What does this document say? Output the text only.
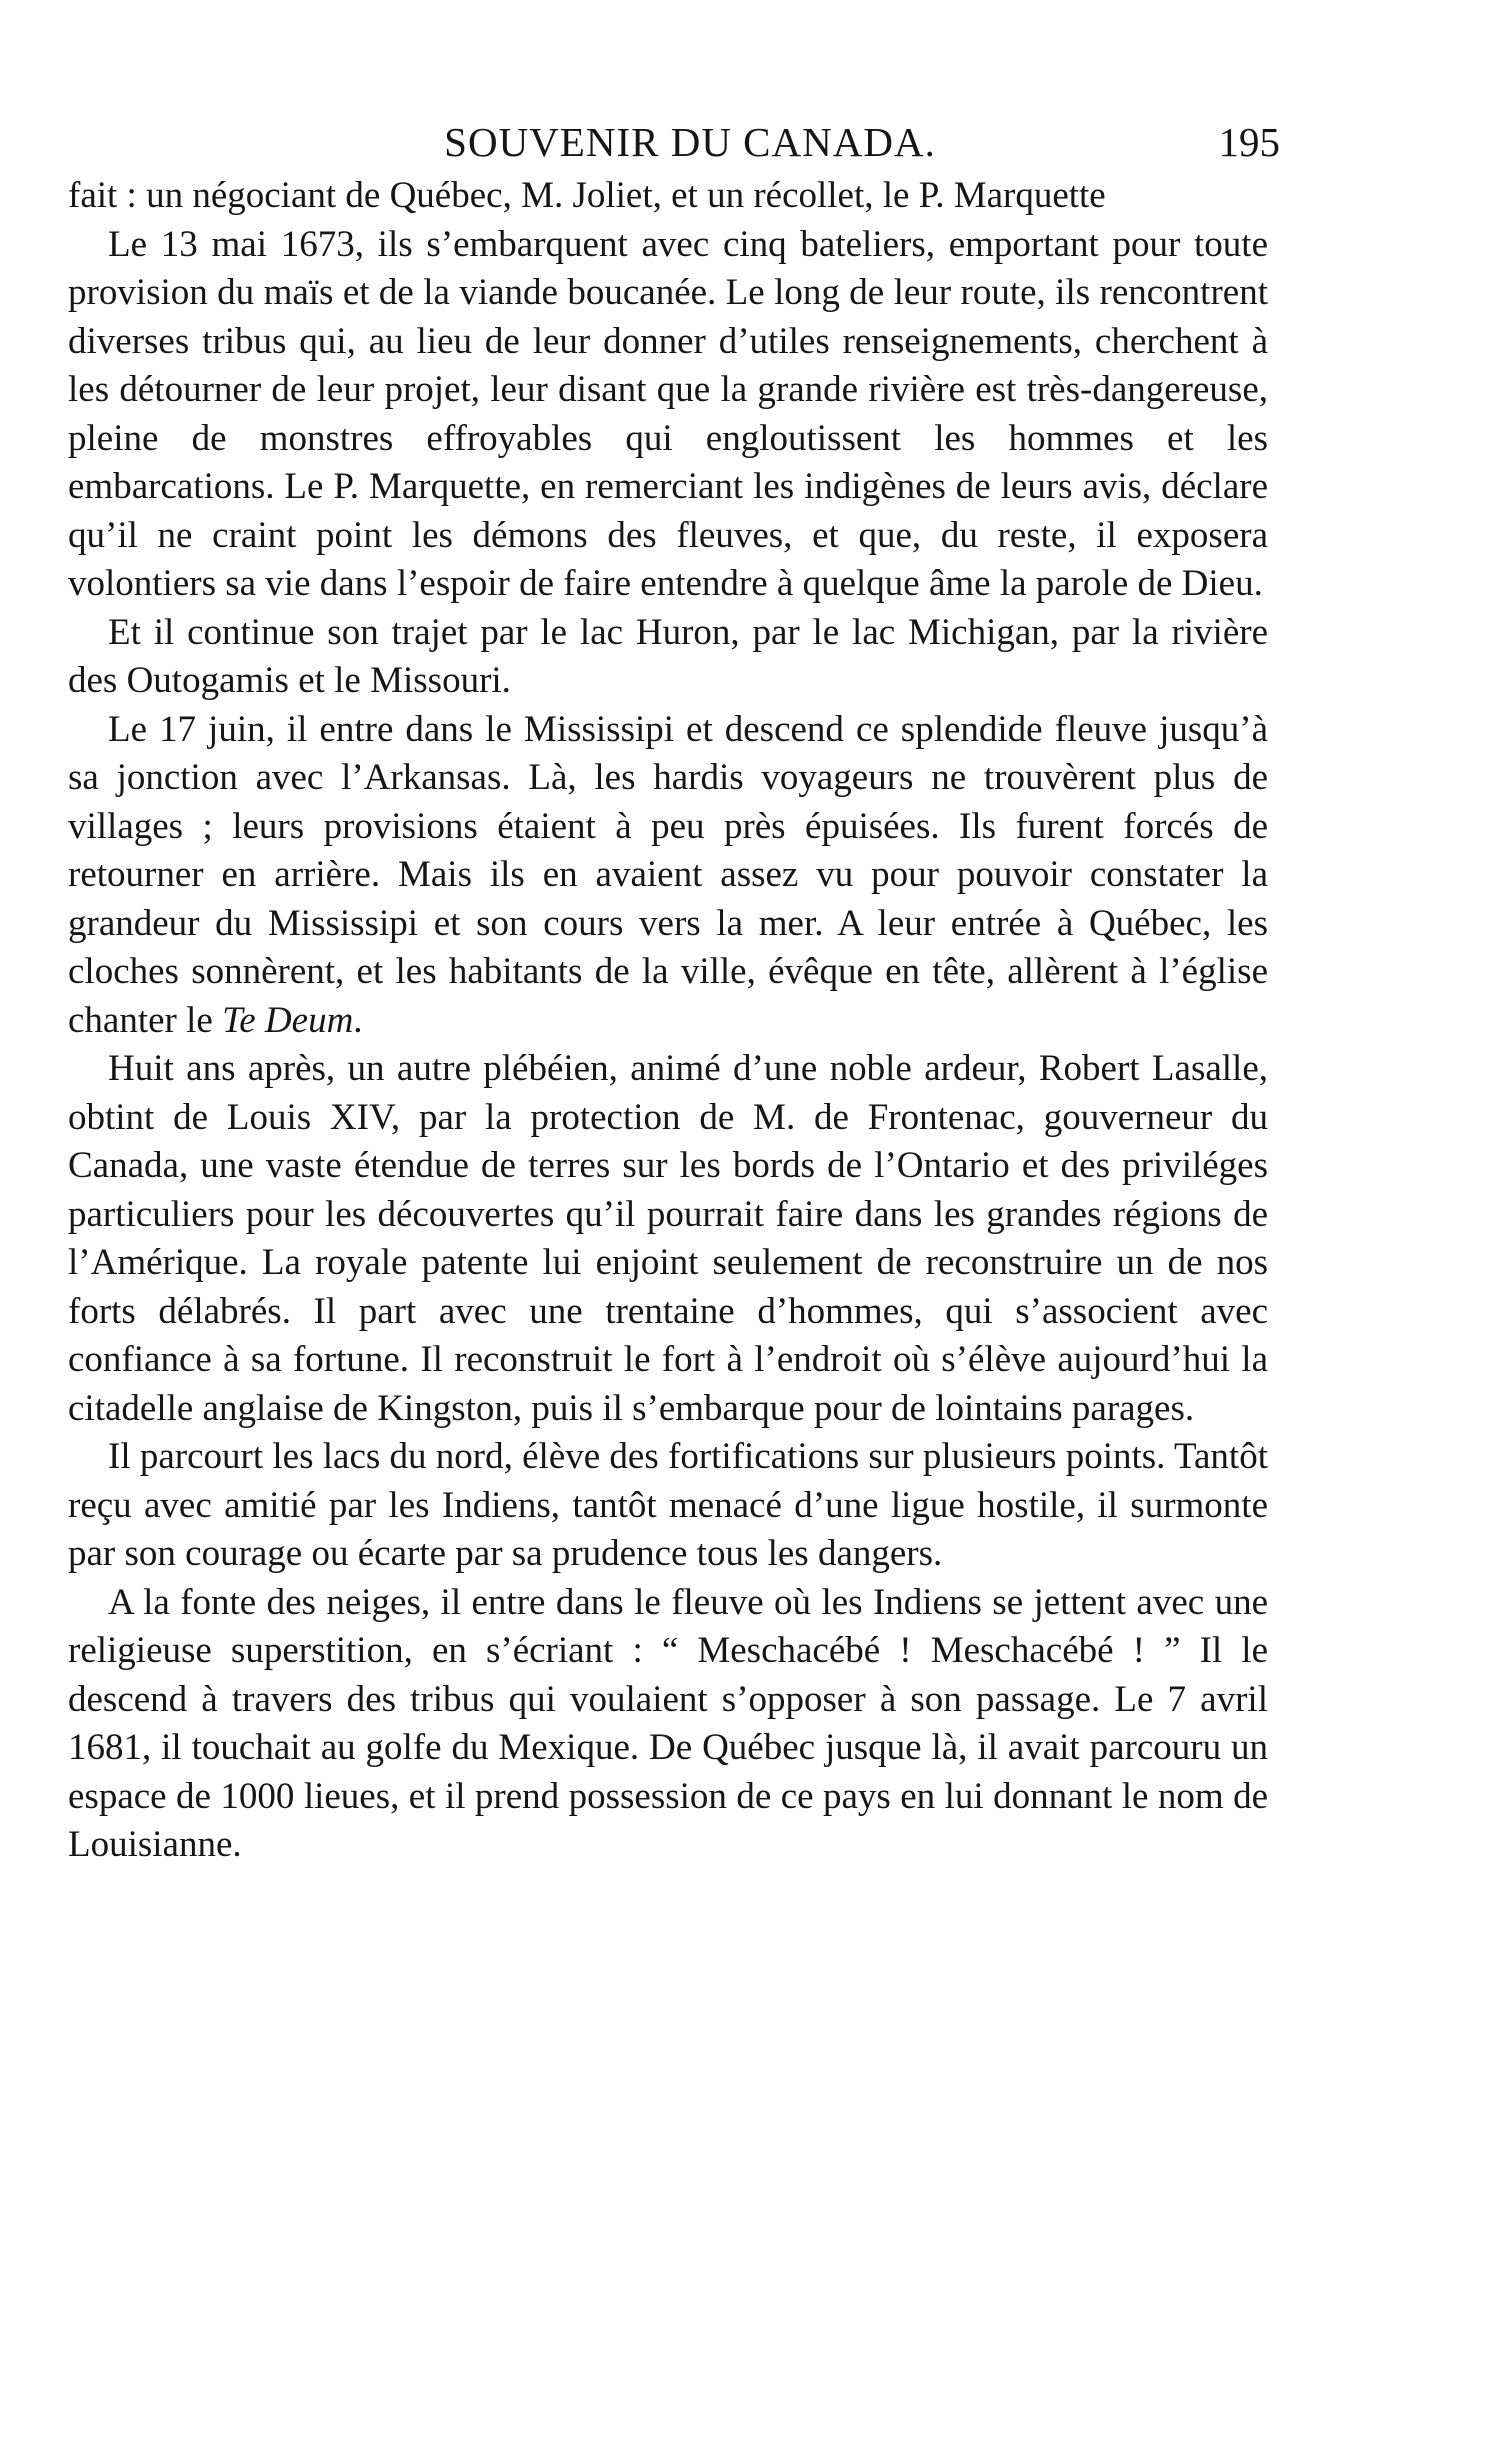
SOUVENIR DU CANADA.	195

fait : un négociant de Québec, M. Joliet, et un récollet, le P. Marquette

Le 13 mai 1673, ils s’embarquent avec cinq bateliers, emportant pour toute provision du maïs et de la viande boucanée. Le long de leur route, ils rencontrent diverses tribus qui, au lieu de leur donner d’utiles renseignements, cherchent à les détourner de leur projet, leur disant que la grande rivière est très-dangereuse, pleine de monstres effroyables qui engloutissent les hommes et les embarcations. Le P. Marquette, en remerciant les indigènes de leurs avis, déclare qu’il ne craint point les démons des fleuves, et que, du reste, il exposera volontiers sa vie dans l’espoir de faire entendre à quelque âme la parole de Dieu.

Et il continue son trajet par le lac Huron, par le lac Michigan, par la rivière des Outogamis et le Missouri.

Le 17 juin, il entre dans le Mississipi et descend ce splendide fleuve jusqu’à sa jonction avec l’Arkansas. Là, les hardis voyageurs ne trouvèrent plus de villages ; leurs provisions étaient à peu près épuisées. Ils furent forcés de retourner en arrière. Mais ils en avaient assez vu pour pouvoir constater la grandeur du Mississipi et son cours vers la mer. A leur entrée à Québec, les cloches sonnèrent, et les habitants de la ville, évêque en tête, allèrent à l’église chanter le Te Deum.

Huit ans après, un autre plébéien, animé d’une noble ardeur, Robert Lasalle, obtint de Louis XIV, par la protection de M. de Frontenac, gouverneur du Canada, une vaste étendue de terres sur les bords de l’Ontario et des priviléges particuliers pour les découvertes qu’il pourrait faire dans les grandes régions de l’Amérique. La royale patente lui enjoint seulement de reconstruire un de nos forts délabrés. Il part avec une trentaine d’hommes, qui s’associent avec confiance à sa fortune. Il reconstruit le fort à l’endroit où s’élève aujourd’hui la citadelle anglaise de Kingston, puis il s’embarque pour de lointains parages.

Il parcourt les lacs du nord, élève des fortifications sur plusieurs points. Tantôt reçu avec amitié par les Indiens, tantôt menacé d’une ligue hostile, il surmonte par son courage ou écarte par sa prudence tous les dangers.

A la fonte des neiges, il entre dans le fleuve où les Indiens se jettent avec une religieuse superstition, en s’écriant : “ Meschacébé ! Meschacébé ! ” Il le descend à travers des tribus qui voulaient s’opposer à son passage. Le 7 avril 1681, il touchait au golfe du Mexique. De Québec jusque là, il avait parcouru un espace de 1000 lieues, et il prend possession de ce pays en lui donnant le nom de Louisianne.
